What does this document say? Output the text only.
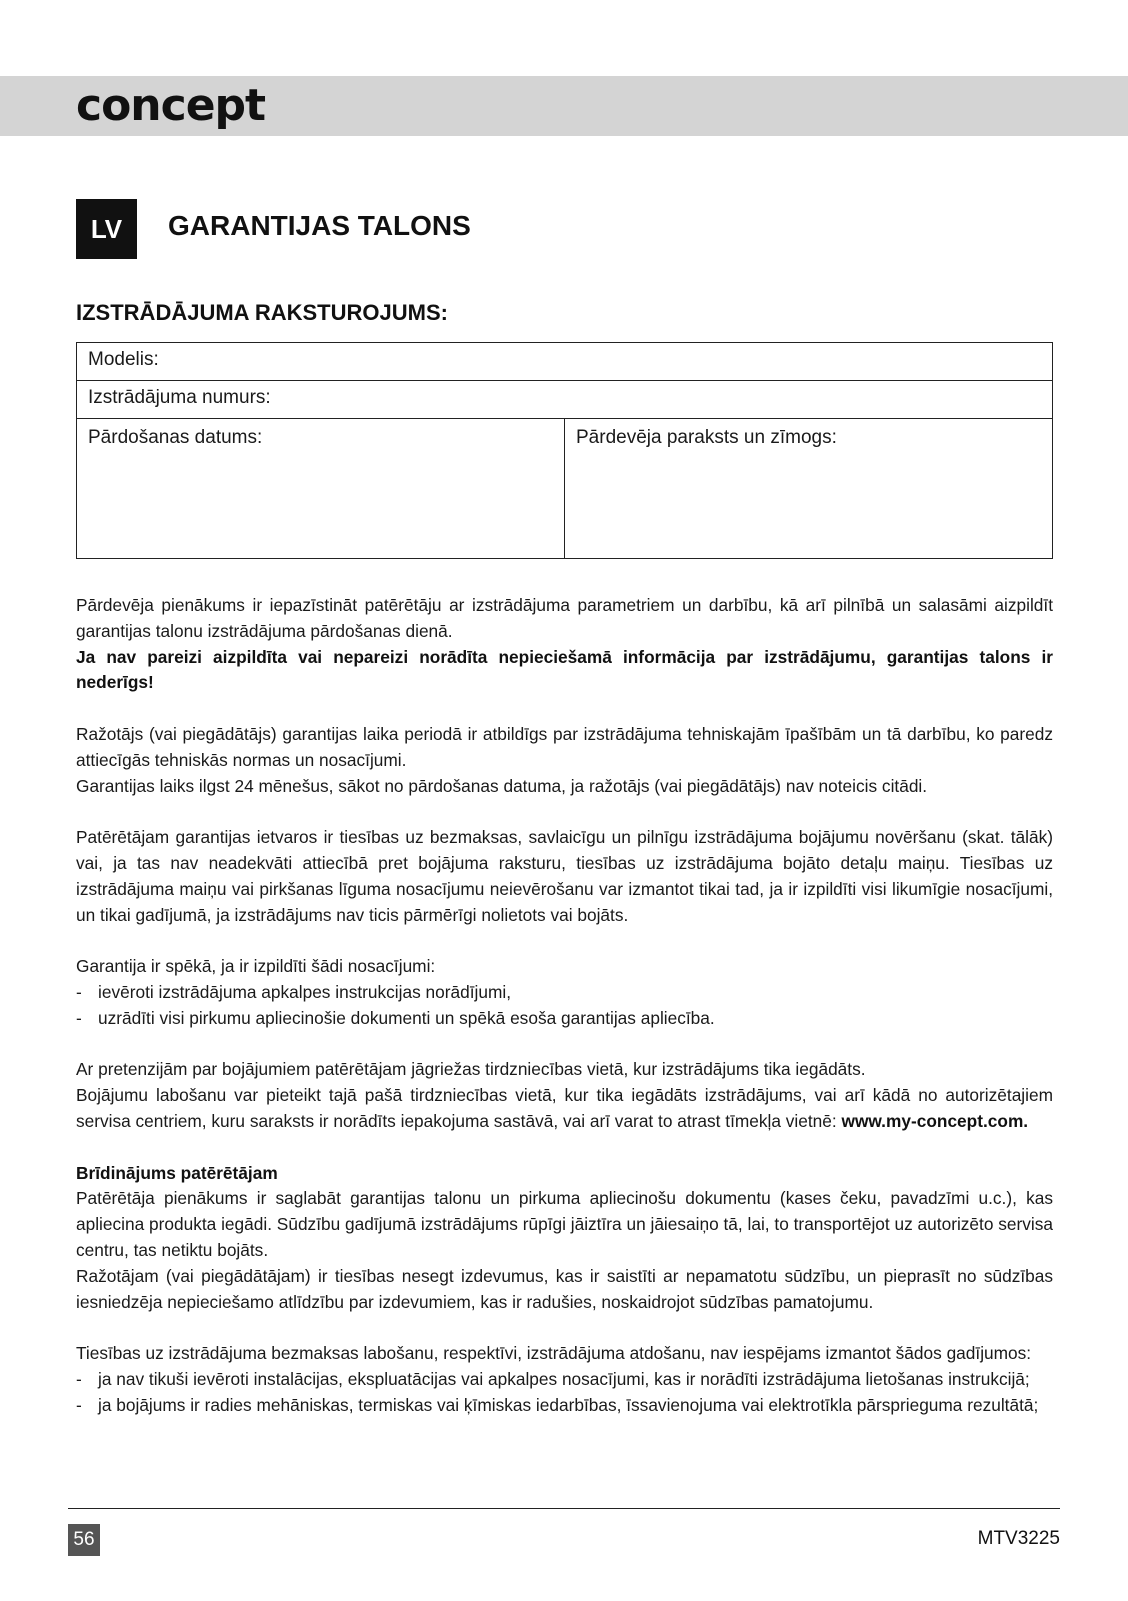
concept
LV	GARANTIJAS TALONS
IZSTRĀDĀJUMA RAKSTUROJUMS:
Modelis:
Izstrādājuma numurs:
Pārdošanas datums:	Pārdevēja paraksts un zīmogs:

Pārdevēja pienākums ir iepazīstināt patērētāju ar izstrādājuma parametriem un darbību, kā arī pilnībā un salasāmi aizpildīt garantijas talonu izstrādājuma pārdošanas dienā.
Ja nav pareizi aizpildīta vai nepareizi norādīta nepieciešamā informācija par izstrādājumu, garantijas talons ir nederīgs!

Ražotājs (vai piegādātājs) garantijas laika periodā ir atbildīgs par izstrādājuma tehniskajām īpašībām un tā darbību, ko paredz attiecīgās tehniskās normas un nosacījumi.
Garantijas laiks ilgst 24 mēnešus, sākot no pārdošanas datuma, ja ražotājs (vai piegādātājs) nav noteicis citādi.

Patērētājam garantijas ietvaros ir tiesības uz bezmaksas, savlaicīgu un pilnīgu izstrādājuma bojājumu novēršanu (skat. tālāk) vai, ja tas nav neadekvāti attiecībā pret bojājuma raksturu, tiesības uz izstrādājuma bojāto detaļu maiņu. Tiesības uz izstrādājuma maiņu vai pirkšanas līguma nosacījumu neievērošanu var izmantot tikai tad, ja ir izpildīti visi likumīgie nosacījumi, un tikai gadījumā, ja izstrādājums nav ticis pārmērīgi nolietots vai bojāts.

Garantija ir spēkā, ja ir izpildīti šādi nosacījumi:
- ievēroti izstrādājuma apkalpes instrukcijas norādījumi,
- uzrādīti visi pirkumu apliecinošie dokumenti un spēkā esoša garantijas apliecība.

Ar pretenzijām par bojājumiem patērētājam jāgriežas tirdzniecības vietā, kur izstrādājums tika iegādāts.
Bojājumu labošanu var pieteikt tajā pašā tirdzniecības vietā, kur tika iegādāts izstrādājums, vai arī kādā no autorizētajiem servisa centriem, kuru saraksts ir norādīts iepakojuma sastāvā, vai arī varat to atrast tīmekļa vietnē: www.my-concept.com.

Brīdinājums patērētājam
Patērētāja pienākums ir saglabāt garantijas talonu un pirkuma apliecinošu dokumentu (kases čeku, pavadzīmi u.c.), kas apliecina produkta iegādi. Sūdzību gadījumā izstrādājums rūpīgi jāiztīra un jāiesaiņo tā, lai, to transportējot uz autorizēto servisa centru, tas netiktu bojāts.
Ražotājam (vai piegādātājam) ir tiesības nesegt izdevumus, kas ir saistīti ar nepamatotu sūdzību, un pieprasīt no sūdzības iesniedzēja nepieciešamo atlīdzību par izdevumiem, kas ir radušies, noskaidrojot sūdzības pamatojumu.

Tiesības uz izstrādājuma bezmaksas labošanu, respektīvi, izstrādājuma atdošanu, nav iespējams izmantot šādos gadījumos:
- ja nav tikuši ievēroti instalācijas, ekspluatācijas vai apkalpes nosacījumi, kas ir norādīti izstrādājuma lietošanas instrukcijā;
- ja bojājums ir radies mehāniskas, termiskas vai ķīmiskas iedarbības, īssavienojuma vai elektrotīkla pārsprieguma rezultātā;
56	MTV3225
